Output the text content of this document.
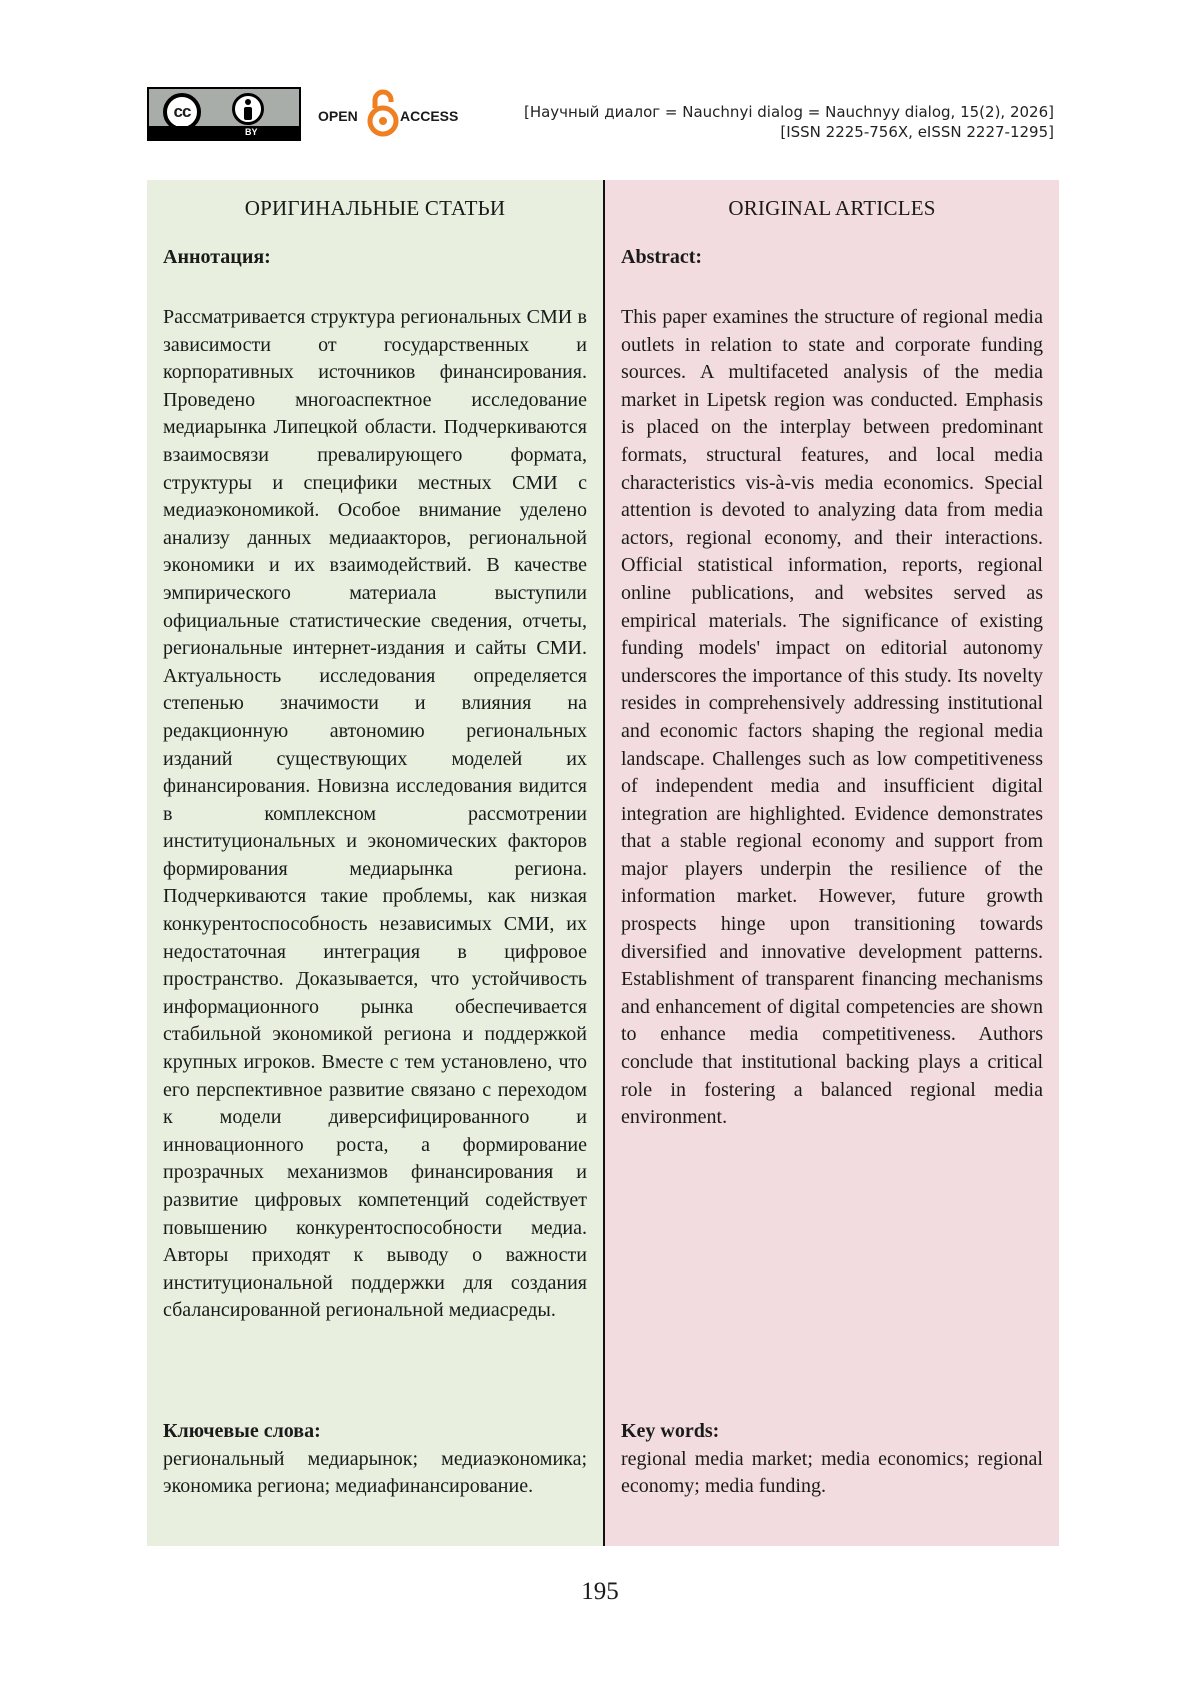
cc
BY
OPEN	ACCESS	[Научный диалог = Nauchnyi dialog = Nauchnyy dialog, 15(2), 2026]
[ISSN 2225-756X, eISSN 2227-1295]
ОРИГИНАЛЬНЫЕ СТАТЬИ
Аннотация:
Рассматривается структура региональных СМИ в зависимости от государственных и корпоративных источников финансирования. Проведено многоаспектное исследование медиарынка Липецкой области. Подчеркиваются взаимосвязи превалирующего формата, структуры и специфики местных СМИ с медиаэкономикой. Особое внимание уделено анализу данных медиаакторов, региональной экономики и их взаимодействий. В качестве эмпирического материала выступили официальные статистические сведения, отчеты, региональные интернет-издания и сайты СМИ. Актуальность исследования определяется степенью значимости и влияния на редакционную автономию региональных изданий существующих моделей их финансирования. Новизна исследования видится в комплексном рассмотрении институциональных и экономических факторов формирования медиарынка региона. Подчеркиваются такие проблемы, как низкая конкурентоспособность независимых СМИ, их недостаточная интеграция в цифровое пространство. Доказывается, что устойчивость информационного рынка обеспечивается стабильной экономикой региона и поддержкой крупных игроков. Вместе с тем установлено, что его перспективное развитие связано с переходом к модели диверсифицированного и инновационного роста, а формирование прозрачных механизмов финансирования и развитие цифровых компетенций содействует повышению конкурентоспособности медиа. Авторы приходят к выводу о важности институциональной поддержки для создания сбалансированной региональной медиасреды.
Ключевые слова:
региональный медиарынок; медиаэкономика; экономика региона; медиафинансирование.
ORIGINAL ARTICLES
Abstract:
This paper examines the structure of regional media outlets in relation to state and corporate funding sources. A multifaceted analysis of the media market in Lipetsk region was conducted. Emphasis is placed on the interplay between predominant formats, structural features, and local media characteristics vis-à-vis media economics. Special attention is devoted to analyzing data from media actors, regional economy, and their interactions. Official statistical information, reports, regional online publications, and websites served as empirical materials. The significance of existing funding models' impact on editorial autonomy underscores the importance of this study. Its novelty resides in comprehensively addressing institutional and economic factors shaping the regional media landscape. Challenges such as low competitiveness of independent media and insufficient digital integration are highlighted. Evidence demonstrates that a stable regional economy and support from major players underpin the resilience of the information market. However, future growth prospects hinge upon transitioning towards diversified and innovative development patterns. Establishment of transparent financing mechanisms and enhancement of digital competencies are shown to enhance media competitiveness. Authors conclude that institutional backing plays a critical role in fostering a balanced regional media environment.
Key words:
regional media market; media economics; regional economy; media funding.
195
